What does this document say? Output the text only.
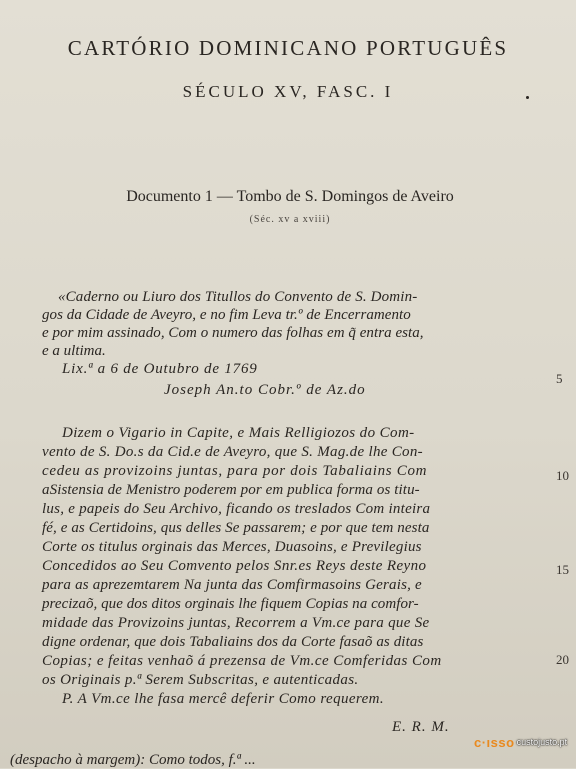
CARTÓRIO DOMINICANO PORTUGUÊS
SÉCULO XV, FASC. I
Documento 1 — Tombo de S. Domingos de Aveiro
(Séc. xv a xviii)
«Caderno ou Liuro dos Titullos do Convento de S. Domin-
gos da Cidade de Aveyro, e no fim Leva tr.º de Encerramento
e por mim assinado, Com o numero das folhas em q̃ entra esta,
e a ultima.
Lix.ª a 6 de Outubro de 1769
Joseph An.to Cobr.º de Az.do
Dizem o Vigario in Capite, e Mais Relligiozos do Com-
vento de S. Do.s da Cid.e de Aveyro, que S. Mag.de lhe Con-
cedeu as provizoins juntas, para por dois Tabaliains Com
aSistensia de Menistro poderem por em publica forma os titu-
lus, e papeis do Seu Archivo, ficando os treslados Com inteira
fé, e as Certidoins, qus delles Se passarem; e por que tem nesta
Corte os titulus orginais das Merces, Duasoins, e Previlegius
Concedidos ao Seu Comvento pelos Snr.es Reys deste Reyno
para as aprezemtarem Na junta das Comfirmasoins Gerais, e
precizaõ, que dos ditos orginais lhe fiquem Copias na comfor-
midade das Provizoins juntas, Recorrem a Vm.ce para que Se
digne ordenar, que dois Tabaliains dos da Corte fasaõ as ditas
Copias; e feitas venhaõ á prezensa de Vm.ce Comferidas Com
os Originais p.ª Serem Subscritas, e autenticadas.
P. A Vm.ce lhe fasa mercê deferir Como requerem.
E. R. M.
5
10
15
20
(despacho à margem): Como todos, f.ª ...
c·ısso custojusto.pt
